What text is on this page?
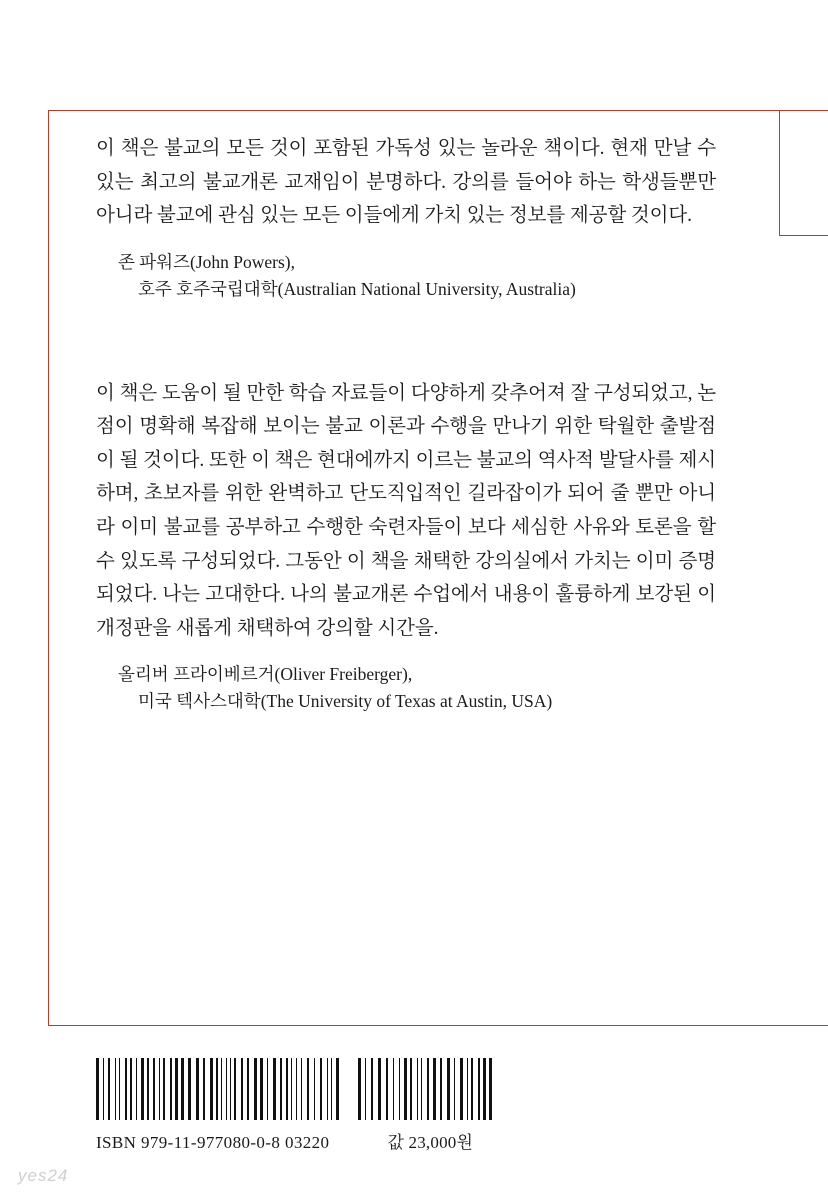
이 책은 불교의 모든 것이 포함된 가독성 있는 놀라운 책이다. 현재 만날 수 있는 최고의 불교개론 교재임이 분명하다. 강의를 들어야 하는 학생들뿐만 아니라 불교에 관심 있는 모든 이들에게 가치 있는 정보를 제공할 것이다.

존 파워즈(John Powers),
호주 호주국립대학(Australian National University, Australia)

이 책은 도움이 될 만한 학습 자료들이 다양하게 갖추어져 잘 구성되었고, 논점이 명확해 복잡해 보이는 불교 이론과 수행을 만나기 위한 탁월한 출발점이 될 것이다. 또한 이 책은 현대에까지 이르는 불교의 역사적 발달사를 제시하며, 초보자를 위한 완벽하고 단도직입적인 길라잡이가 되어 줄 뿐만 아니라 이미 불교를 공부하고 수행한 숙련자들이 보다 세심한 사유와 토론을 할 수 있도록 구성되었다. 그동안 이 책을 채택한 강의실에서 가치는 이미 증명되었다. 나는 고대한다. 나의 불교개론 수업에서 내용이 훌륭하게 보강된 이 개정판을 새롭게 채택하여 강의할 시간을.

올리버 프라이베르거(Oliver Freiberger),
미국 텍사스대학(The University of Texas at Austin, USA)
ISBN 979-11-977080-0-8 03220	값 23,000원
yes24
